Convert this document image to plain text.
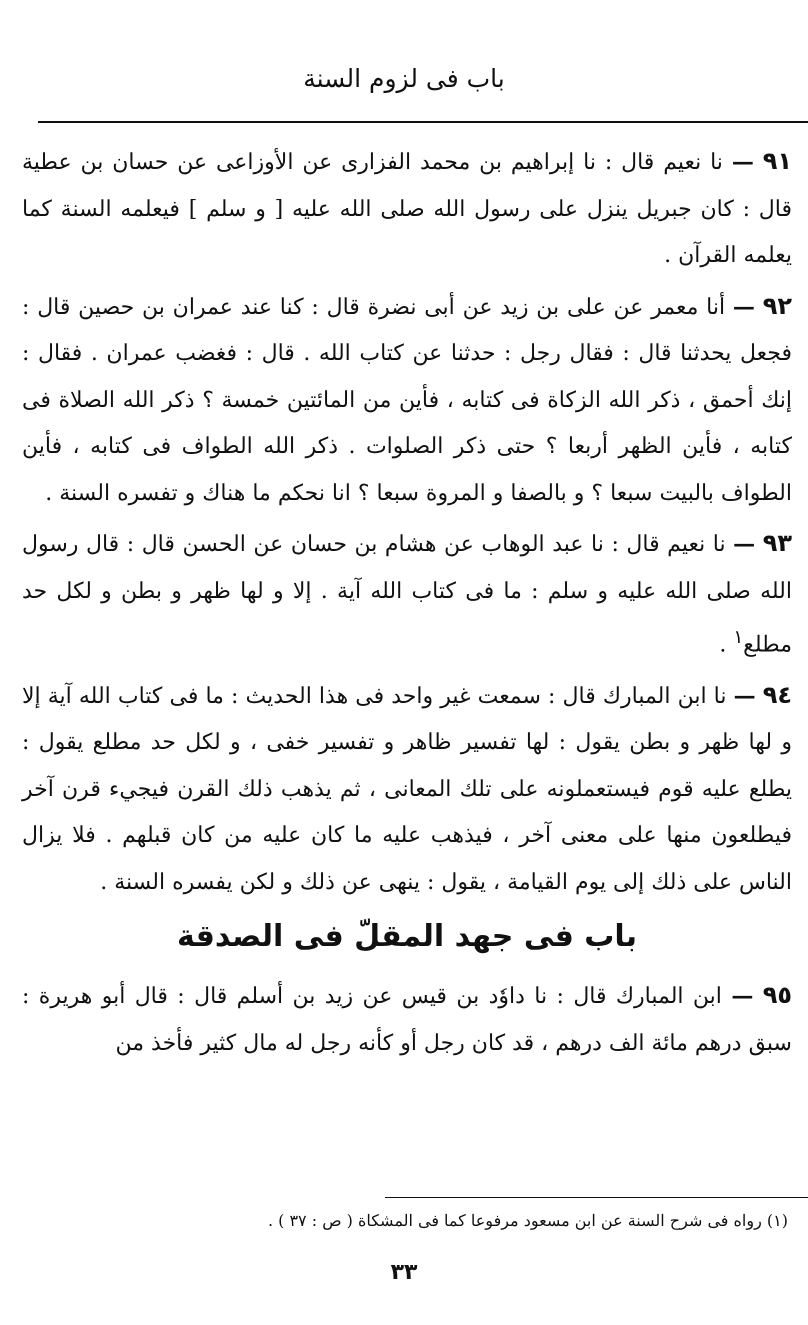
باب فى لزوم السنة

٩١ — نا نعيم قال : نا إبراهيم بن محمد الفزارى عن الأوزاعى عن حسان بن عطية قال : كان جبريل ينزل على رسول الله صلى الله عليه [ و سلم ] فيعلمه السنة كما يعلمه القرآن .

٩٢ — أنا معمر عن على بن زيد عن أبى نضرة قال : كنا عند عمران بن حصين قال : فجعل يحدثنا قال : فقال رجل : حدثنا عن كتاب الله . قال : فغضب عمران . فقال : إنك أحمق ، ذكر الله الزكاة فى كتابه ، فأين من المائتين خمسة ؟ ذكر الله الصلاة فى كتابه ، فأين الظهر أربعا ؟ حتى ذكر الصلوات . ذكر الله الطواف فى كتابه ، فأين الطواف بالبيت سبعا ؟ و بالصفا و المروة سبعا ؟ انا نحكم ما هناك و تفسره السنة .

٩٣ — نا نعيم قال : نا عبد الوهاب عن هشام بن حسان عن الحسن قال : قال رسول الله صلى الله عليه و سلم : ما فى كتاب الله آية . إلا و لها ظهر و بطن و لكل حد مطلع$^١$ .

٩٤ — نا ابن المبارك قال : سمعت غير واحد فى هذا الحديث : ما فى كتاب الله آية إلا و لها ظهر و بطن يقول : لها تفسير ظاهر و تفسير خفى ، و لكل حد مطلع يقول : يطلع عليه قوم فيستعملونه على تلك المعانى ، ثم يذهب ذلك القرن فيجيء قرن آخر فيطلعون منها على معنى آخر ، فيذهب عليه ما كان عليه من كان قبلهم . فلا يزال الناس على ذلك إلى يوم القيامة ، يقول : ينهى عن ذلك و لكن يفسره السنة .

باب فى جهد المقلّ فى الصدقة

٩٥ — ابن المبارك قال : نا داوٗد بن قيس عن زيد بن أسلم قال : قال أبو هريرة : سبق درهم مائة الف درهم ، قد كان رجل أو كأنه رجل له مال كثير فأخذ من

(١) رواه فى شرح السنة عن ابن مسعود مرفوعا كما فى المشكاة ( ص : ٣٧ ) .
٣٣
